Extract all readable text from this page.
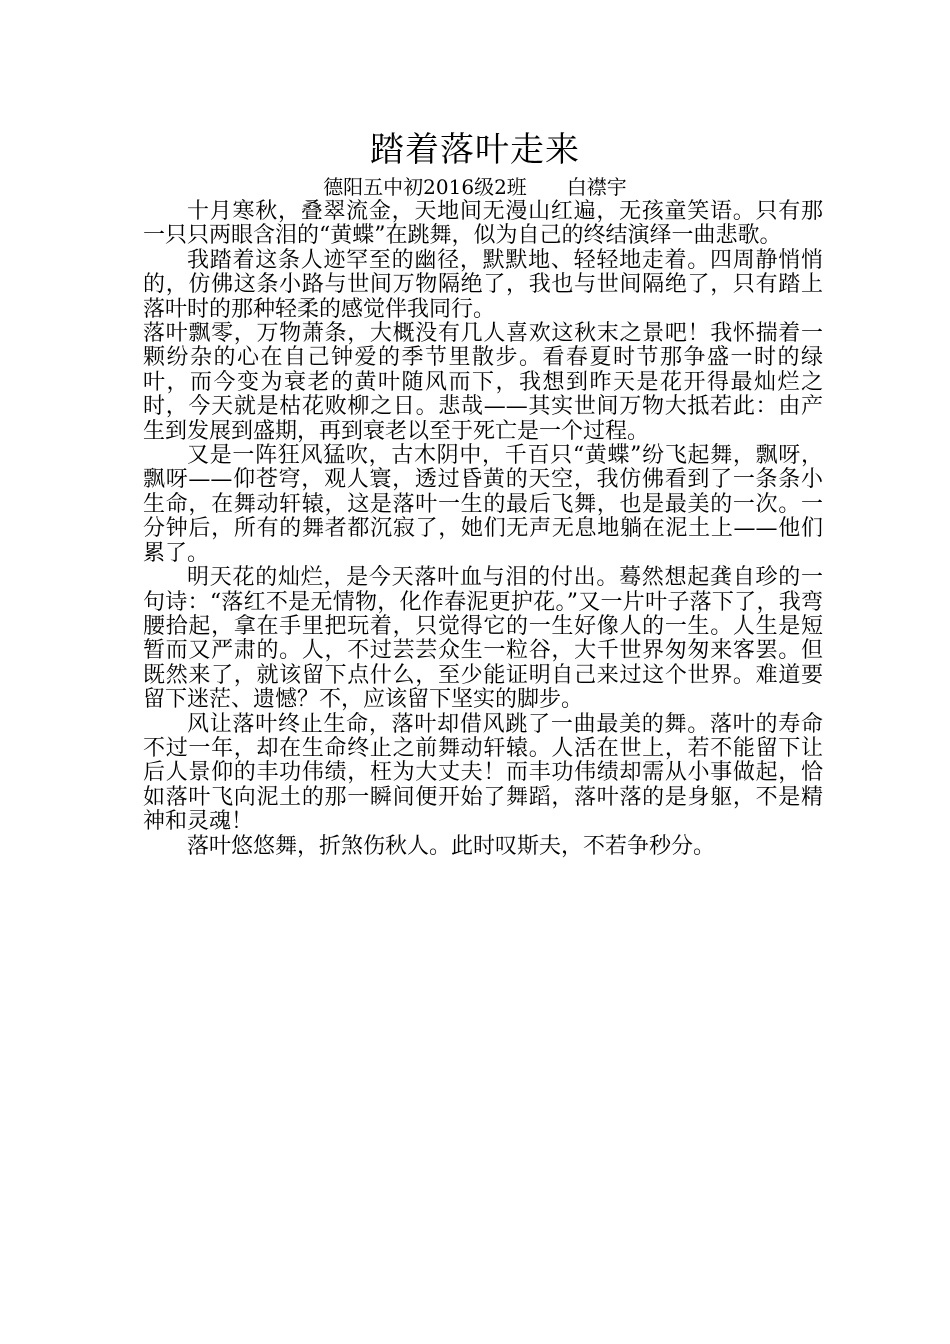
踏着落叶走来
德阳五中初2016级2班　　白襟宇

十月寒秋，叠翠流金，天地间无漫山红遍，无孩童笑语。只有那一只只两眼含泪的“黄蝶”在跳舞，似为自己的终结演绎一曲悲歌。

我踏着这条人迹罕至的幽径，默默地、轻轻地走着。四周静悄悄的，仿佛这条小路与世间万物隔绝了，我也与世间隔绝了，只有踏上落叶时的那种轻柔的感觉伴我同行。

落叶飘零，万物萧条，大概没有几人喜欢这秋末之景吧！我怀揣着一颗纷杂的心在自己钟爱的季节里散步。看春夏时节那争盛一时的绿叶，而今变为衰老的黄叶随风而下，我想到昨天是花开得最灿烂之时，今天就是枯花败柳之日。悲哉——其实世间万物大抵若此：由产生到发展到盛期，再到衰老以至于死亡是一个过程。

又是一阵狂风猛吹，古木阴中，千百只“黄蝶”纷飞起舞，飘呀，飘呀——仰苍穹，观人寰，透过昏黄的天空，我仿佛看到了一条条小生命，在舞动轩辕，这是落叶一生的最后飞舞，也是最美的一次。一分钟后，所有的舞者都沉寂了，她们无声无息地躺在泥土上——他们累了。

明天花的灿烂，是今天落叶血与泪的付出。蓦然想起龚自珍的一句诗：“落红不是无情物，化作春泥更护花。”又一片叶子落下了，我弯腰拾起，拿在手里把玩着，只觉得它的一生好像人的一生。人生是短暂而又严肃的。人，不过芸芸众生一粒谷，大千世界匆匆来客罢。但既然来了，就该留下点什么，至少能证明自己来过这个世界。难道要留下迷茫、遗憾？不，应该留下坚实的脚步。

风让落叶终止生命，落叶却借风跳了一曲最美的舞。落叶的寿命不过一年，却在生命终止之前舞动轩辕。人活在世上，若不能留下让后人景仰的丰功伟绩，枉为大丈夫！而丰功伟绩却需从小事做起，恰如落叶飞向泥土的那一瞬间便开始了舞蹈，落叶落的是身躯，不是精神和灵魂！

落叶悠悠舞，折煞伤秋人。此时叹斯夫，不若争秒分。
